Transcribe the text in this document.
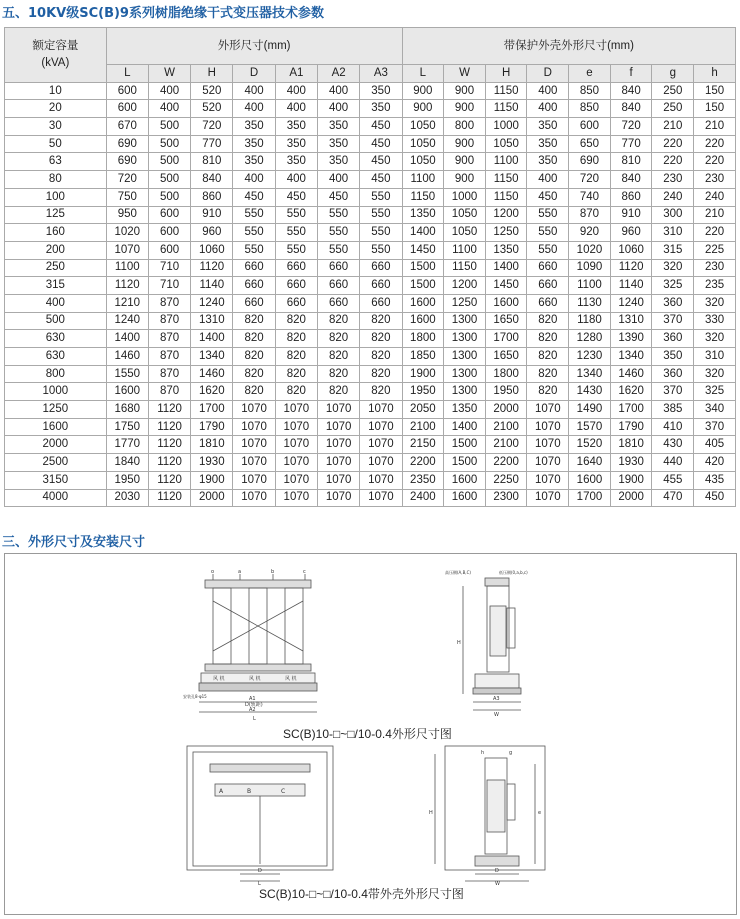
五、10KV级SC(B)9系列树脂绝缘干式变压器技术参数
额定容量
(kVA)	外形尺寸(mm)							带保护外壳外形尺寸(mm)							
	L	W	H	D	A1	A2	A3	L	W	H	D	e	f	g	h
10	600	400	520	400	400	400	350	900	900	1150	400	850	840	250	150
20	600	400	520	400	400	400	350	900	900	1150	400	850	840	250	150
30	670	500	720	350	350	350	450	1050	800	1000	350	600	720	210	210
50	690	500	770	350	350	350	450	1050	900	1050	350	650	770	220	220
63	690	500	810	350	350	350	450	1050	900	1100	350	690	810	220	220
80	720	500	840	400	400	400	450	1100	900	1150	400	720	840	230	230
100	750	500	860	450	450	450	550	1150	1000	1150	450	740	860	240	240
125	950	600	910	550	550	550	550	1350	1050	1200	550	870	910	300	210
160	1020	600	960	550	550	550	550	1400	1050	1250	550	920	960	310	220
200	1070	600	1060	550	550	550	550	1450	1100	1350	550	1020	1060	315	225
250	1100	710	1120	660	660	660	660	1500	1150	1400	660	1090	1120	320	230
315	1120	710	1140	660	660	660	660	1500	1200	1450	660	1100	1140	325	235
400	1210	870	1240	660	660	660	660	1600	1250	1600	660	1130	1240	360	320
500	1240	870	1310	820	820	820	820	1600	1300	1650	820	1180	1310	370	330
630	1400	870	1400	820	820	820	820	1800	1300	1700	820	1280	1390	360	320
630	1460	870	1340	820	820	820	820	1850	1300	1650	820	1230	1340	350	310
800	1550	870	1460	820	820	820	820	1900	1300	1800	820	1340	1460	360	320
1000	1600	870	1620	820	820	820	820	1950	1300	1950	820	1430	1620	370	325
1250	1680	1120	1700	1070	1070	1070	1070	2050	1350	2000	1070	1490	1700	385	340
1600	1750	1120	1790	1070	1070	1070	1070	2100	1400	2100	1070	1570	1790	410	370
2000	1770	1120	1810	1070	1070	1070	1070	2150	1500	2100	1070	1520	1810	430	405
2500	1840	1120	1930	1070	1070	1070	1070	2200	1500	2200	1070	1640	1930	440	420
3150	1950	1120	1900	1070	1070	1070	1070	2350	1600	2250	1070	1600	1900	455	435
4000	2030	1120	2000	1070	1070	1070	1070	2400	1600	2300	1070	1700	2000	470	450
三、外形尺寸及安装尺寸
o	a	b	c
风 机	风 机	风 机
安装孔8-φ15	A1
D(轨距)
A2
L
高压侧(A,B,C)	低压侧(0,a,b,c)
H
A3
W
SC(B)10-□~□/10-0.4外形尺寸图
A	B	C
D
L
h	g
H	e
D
W
SC(B)10-□~□/10-0.4带外壳外形尺寸图
